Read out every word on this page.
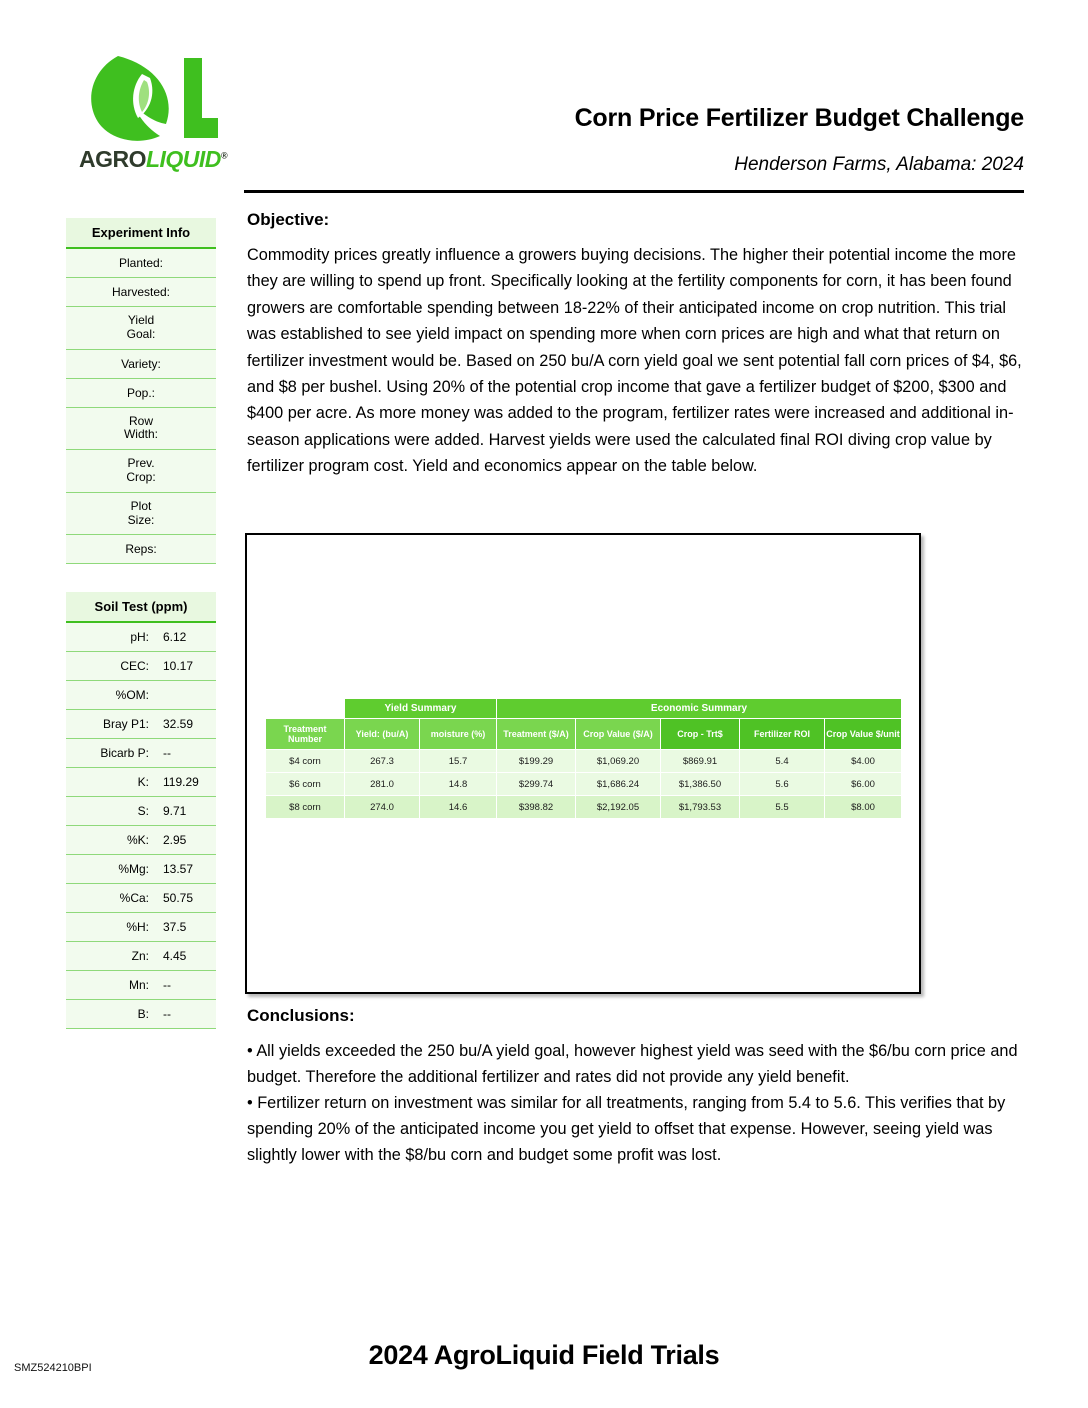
AGROLIQUID®
Corn Price Fertilizer Budget Challenge
Henderson Farms, Alabama: 2024
Experiment Info
Planted:
Harvested:
Yield
Goal:
Variety:
Pop.:
Row
Width:
Prev.
Crop:
Plot
Size:
Reps:
Soil Test (ppm)	
pH:	6.12
CEC:	10.17
%OM:	
Bray P1:	32.59
Bicarb P:	--
K:	119.29
S:	9.71
%K:	2.95
%Mg:	13.57
%Ca:	50.75
%H:	37.5
Zn:	4.45
Mn:	--
B:	--
Objective:

Commodity prices greatly influence a growers buying decisions. The higher their potential income the more they are willing to spend up front. Specifically looking at the fertility components for corn, it has been found growers are comfortable spending between 18-22% of their anticipated income on crop nutrition. This trial was established to see yield impact on spending more when corn prices are high and what that return on fertilizer investment would be. Based on 250 bu/A corn yield goal we sent potential fall corn prices of $4, $6, and $8 per bushel. Using 20% of the potential crop income that gave a fertilizer budget of $200, $300 and $400 per acre. As more money was added to the program, fertilizer rates were increased and additional in-season applications were added. Harvest yields were used the calculated final ROI diving crop value by fertilizer program cost. Yield and economics appear on the table below.

	Yield Summary		Economic Summary				
Treatment Number	Yield: (bu/A)	moisture (%)	Treatment ($/A)	Crop Value ($/A)	Crop - Trt$	Fertilizer ROI	Crop Value $/unit
$4 corn	267.3	15.7	$199.29	$1,069.20	$869.91	5.4	$4.00
$6 corn	281.0	14.8	$299.74	$1,686.24	$1,386.50	5.6	$6.00
$8 corn	274.0	14.6	$398.82	$2,192.05	$1,793.53	5.5	$8.00
Conclusions:

• All yields exceeded the 250 bu/A yield goal, however highest yield was seed with the $6/bu corn price and budget. Therefore the additional fertilizer and rates did not provide any yield benefit.
• Fertilizer return on investment was similar for all treatments, ranging from 5.4 to 5.6. This verifies that by spending 20% of the anticipated income you get yield to offset that expense. However, seeing yield was slightly lower with the $8/bu corn and budget some profit was lost.

2024 AgroLiquid Field Trials
SMZ524210BPI
